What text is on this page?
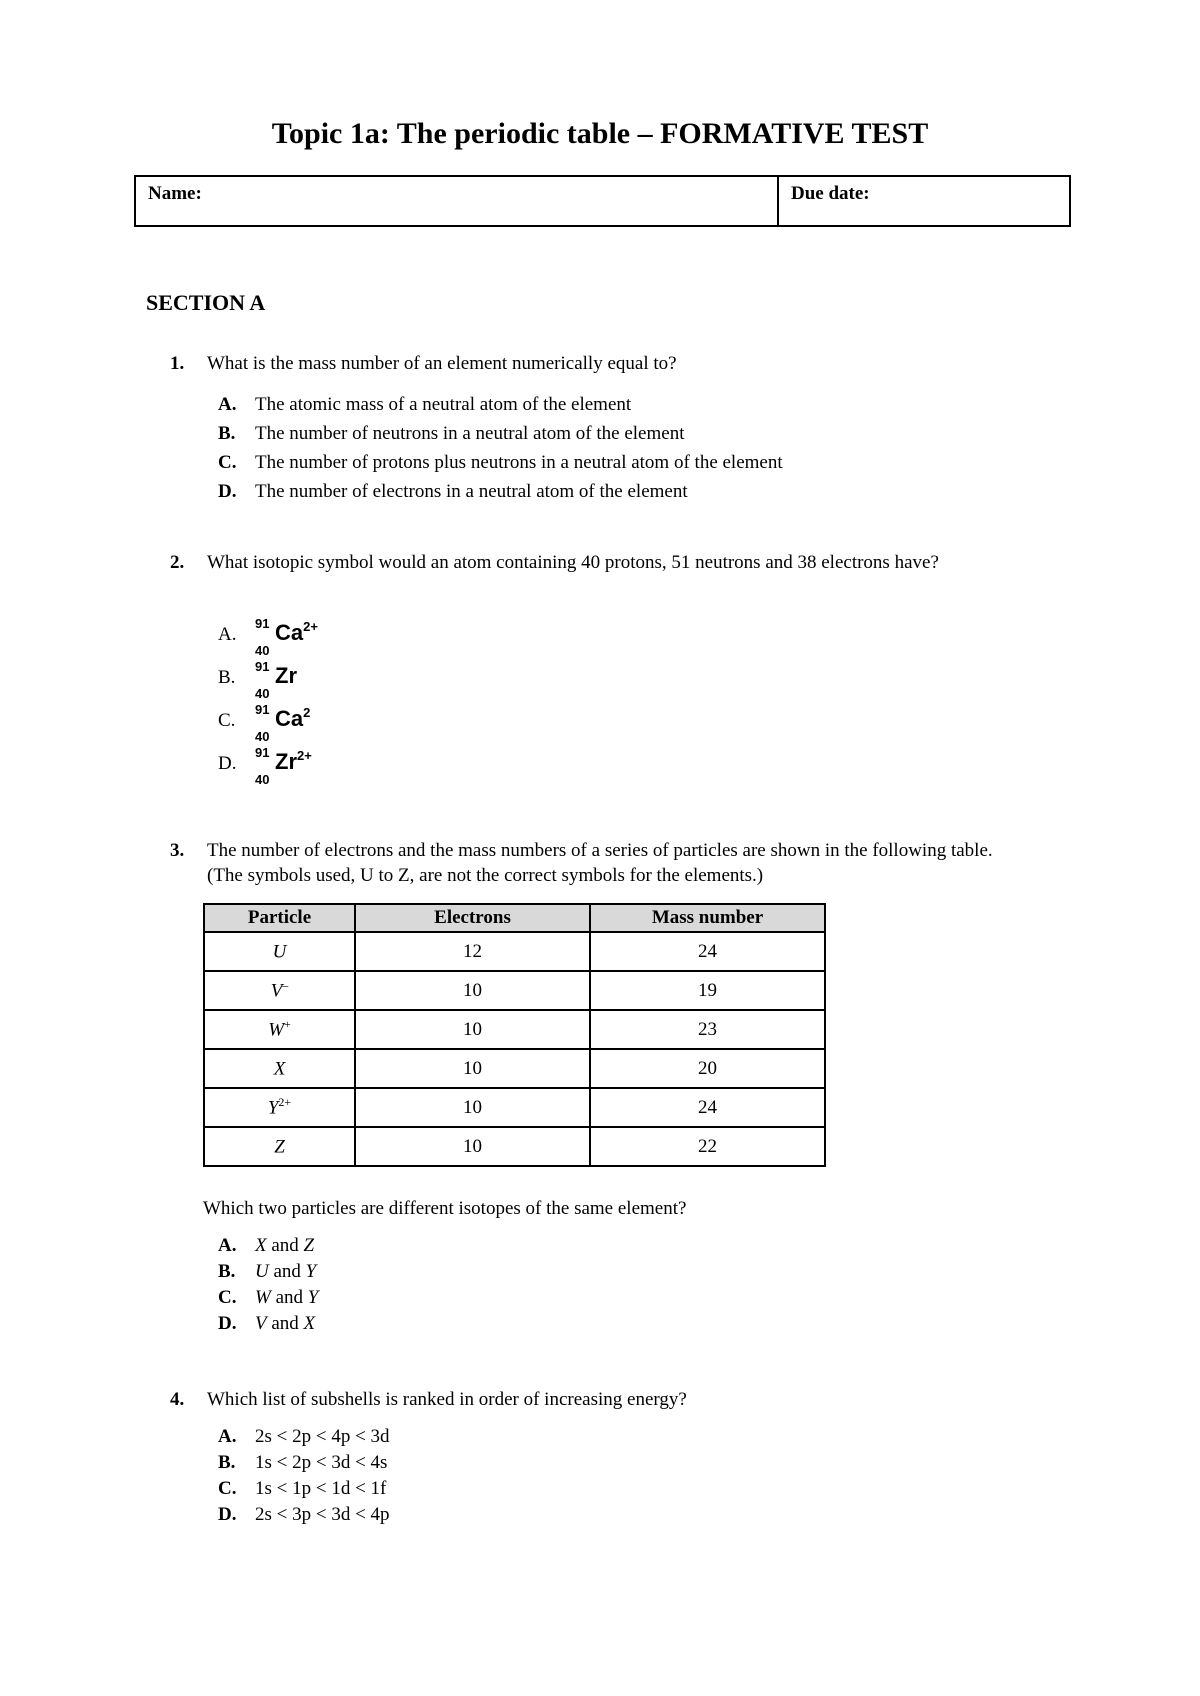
Topic 1a: The periodic table – FORMATIVE TEST
Name:	Due date:
SECTION A
1. What is the mass number of an element numerically equal to?
A. The atomic mass of a neutral atom of the element
B. The number of neutrons in a neutral atom of the element
C. The number of protons plus neutrons in a neutral atom of the element
D. The number of electrons in a neutral atom of the element
2. What isotopic symbol would an atom containing 40 protons, 51 neutrons and 38 electrons have?
A.
91
40
$Ca^{2+}$
B.
91
40
Zr
C.
91
40
Ca$^2$
D.
91
40
$Zr^{2+}$
3. The number of electrons and the mass numbers of a series of particles are shown in the following table. (The symbols used, U to Z, are not the correct symbols for the elements.)
Particle	Electrons	Mass number
U	12	24
V–	10	19
W+	10	23
X	10	20
$Y^{2+}$	10	24
Z	10	22
Which two particles are different isotopes of the same element?
A. X and Z
B. U and Y
C. W and Y
D. V and X
4. Which list of subshells is ranked in order of increasing energy?
A. 2s < 2p < 4p < 3d
B. 1s < 2p < 3d < 4s
C. 1s < 1p < 1d < 1f
D. 2s < 3p < 3d < 4p
